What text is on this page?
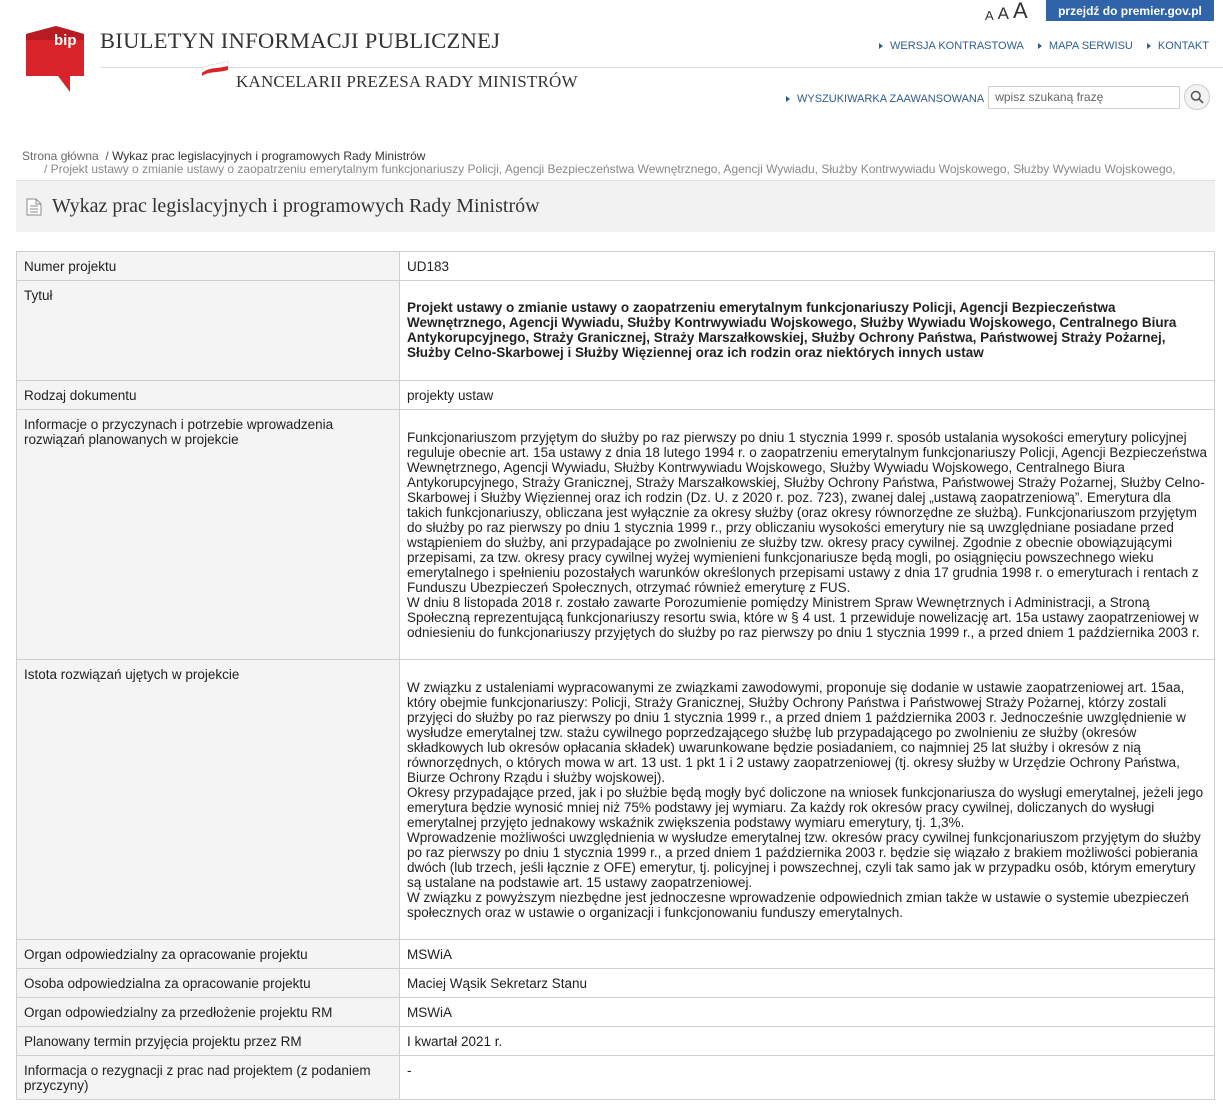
bip BIULETYN INFORMACJI PUBLICZNEJ
KANCELARII PREZESA RADY MINISTRÓW
A A A	przejdź do premier.gov.pl
WERSJA KONTRASTOWA MAPA SERWISU KONTAKT
WYSZUKIWARKA ZAAWANSOWANA
wpisz szukaną frazę
Strona główna  / Wykaz prac legislacyjnych i programowych Rady Ministrów
/ Projekt ustawy o zmianie ustawy o zaopatrzeniu emerytalnym funkcjonariuszy Policji, Agencji Bezpieczeństwa Wewnętrznego, Agencji Wywiadu, Służby Kontrwywiadu Wojskowego, Służby Wywiadu Wojskowego,
Wykaz prac legislacyjnych i programowych Rady Ministrów
Numer projektu	UD183
Tytuł	Projekt ustawy o zmianie ustawy o zaopatrzeniu emerytalnym funkcjonariuszy Policji, Agencji Bezpieczeństwa Wewnętrznego, Agencji Wywiadu, Służby Kontrwywiadu Wojskowego, Służby Wywiadu Wojskowego, Centralnego Biura Antykorupcyjnego, Straży Granicznej, Straży Marszałkowskiej, Służby Ochrony Państwa, Państwowej Straży Pożarnej, Służby Celno-Skarbowej i Służby Więziennej oraz ich rodzin oraz niektórych innych ustaw

Rodzaj dokumentu	projekty ustaw
Informacje o przyczynach i potrzebie wprowadzenia rozwiązań planowanych w projekcie	Funkcjonariuszom przyjętym do służby po raz pierwszy po dniu 1 stycznia 1999 r. sposób ustalania wysokości emerytury policyjnej reguluje obecnie art. 15a ustawy z dnia 18 lutego 1994 r. o zaopatrzeniu emerytalnym funkcjonariuszy Policji, Agencji Bezpieczeństwa Wewnętrznego, Agencji Wywiadu, Służby Kontrwywiadu Wojskowego, Służby Wywiadu Wojskowego, Centralnego Biura Antykorupcyjnego, Straży Granicznej, Straży Marszałkowskiej, Służby Ochrony Państwa, Państwowej Straży Pożarnej, Służby Celno-Skarbowej i Służby Więziennej oraz ich rodzin (Dz. U. z 2020 r. poz. 723), zwanej dalej „ustawą zaopatrzeniową”. Emerytura dla takich funkcjonariuszy, obliczana jest wyłącznie za okresy służby (oraz okresy równorzędne ze służbą). Funkcjonariuszom przyjętym do służby po raz pierwszy po dniu 1 stycznia 1999 r., przy obliczaniu wysokości emerytury nie są uwzględniane posiadane przed wstąpieniem do służby, ani przypadające po zwolnieniu ze służby tzw. okresy pracy cywilnej. Zgodnie z obecnie obowiązującymi przepisami, za tzw. okresy pracy cywilnej wyżej wymienieni funkcjonariusze będą mogli, po osiągnięciu powszechnego wieku emerytalnego i spełnieniu pozostałych warunków określonych przepisami ustawy z dnia 17 grudnia 1998 r. o emeryturach i rentach z Funduszu Ubezpieczeń Społecznych, otrzymać również emeryturę z FUS.

W dniu 8 listopada 2018 r. zostało zawarte Porozumienie pomiędzy Ministrem Spraw Wewnętrznych i Administracji, a Stroną Społeczną reprezentującą funkcjonariuszy resortu swia, które w § 4 ust. 1 przewiduje nowelizację art. 15a ustawy zaopatrzeniowej w odniesieniu do funkcjonariuszy przyjętych do służby po raz pierwszy po dniu 1 stycznia 1999 r., a przed dniem 1 października 2003 r.

Istota rozwiązań ujętych w projekcie	W związku z ustaleniami wypracowanymi ze związkami zawodowymi, proponuje się dodanie w ustawie zaopatrzeniowej art. 15aa, który obejmie funkcjonariuszy: Policji, Straży Granicznej, Służby Ochrony Państwa i Państwowej Straży Pożarnej, którzy zostali przyjęci do służby po raz pierwszy po dniu 1 stycznia 1999 r., a przed dniem 1 października 2003 r. Jednocześnie uwzględnienie w wysłudze emerytalnej tzw. stażu cywilnego poprzedzającego służbę lub przypadającego po zwolnieniu ze służby (okresów składkowych lub okresów opłacania składek) uwarunkowane będzie posiadaniem, co najmniej 25 lat służby i okresów z nią równorzędnych, o których mowa w art. 13 ust. 1 pkt 1 i 2 ustawy zaopatrzeniowej (tj. okresy służby w Urzędzie Ochrony Państwa, Biurze Ochrony Rządu i służby wojskowej).

Okresy przypadające przed, jak i po służbie będą mogły być doliczone na wniosek funkcjonariusza do wysługi emerytalnej, jeżeli jego emerytura będzie wynosić mniej niż 75% podstawy jej wymiaru. Za każdy rok okresów pracy cywilnej, doliczanych do wysługi emerytalnej przyjęto jednakowy wskaźnik zwiększenia podstawy wymiaru emerytury, tj. 1,3%.

Wprowadzenie możliwości uwzględnienia w wysłudze emerytalnej tzw. okresów pracy cywilnej funkcjonariuszom przyjętym do służby po raz pierwszy po dniu 1 stycznia 1999 r., a przed dniem 1 października 2003 r. będzie się wiązało z brakiem możliwości pobierania dwóch (lub trzech, jeśli łącznie z OFE) emerytur, tj. policyjnej i powszechnej, czyli tak samo jak w przypadku osób, którym emerytury są ustalane na podstawie art. 15 ustawy zaopatrzeniowej.

W związku z powyższym niezbędne jest jednoczesne wprowadzenie odpowiednich zmian także w ustawie o systemie ubezpieczeń społecznych oraz w ustawie o organizacji i funkcjonowaniu funduszy emerytalnych.

Organ odpowiedzialny za opracowanie projektu	MSWiA
Osoba odpowiedzialna za opracowanie projektu	Maciej Wąsik Sekretarz Stanu
Organ odpowiedzialny za przedłożenie projektu RM	MSWiA
Planowany termin przyjęcia projektu przez RM	I kwartał 2021 r.
Informacja o rezygnacji z prac nad projektem (z podaniem przyczyny)	-
